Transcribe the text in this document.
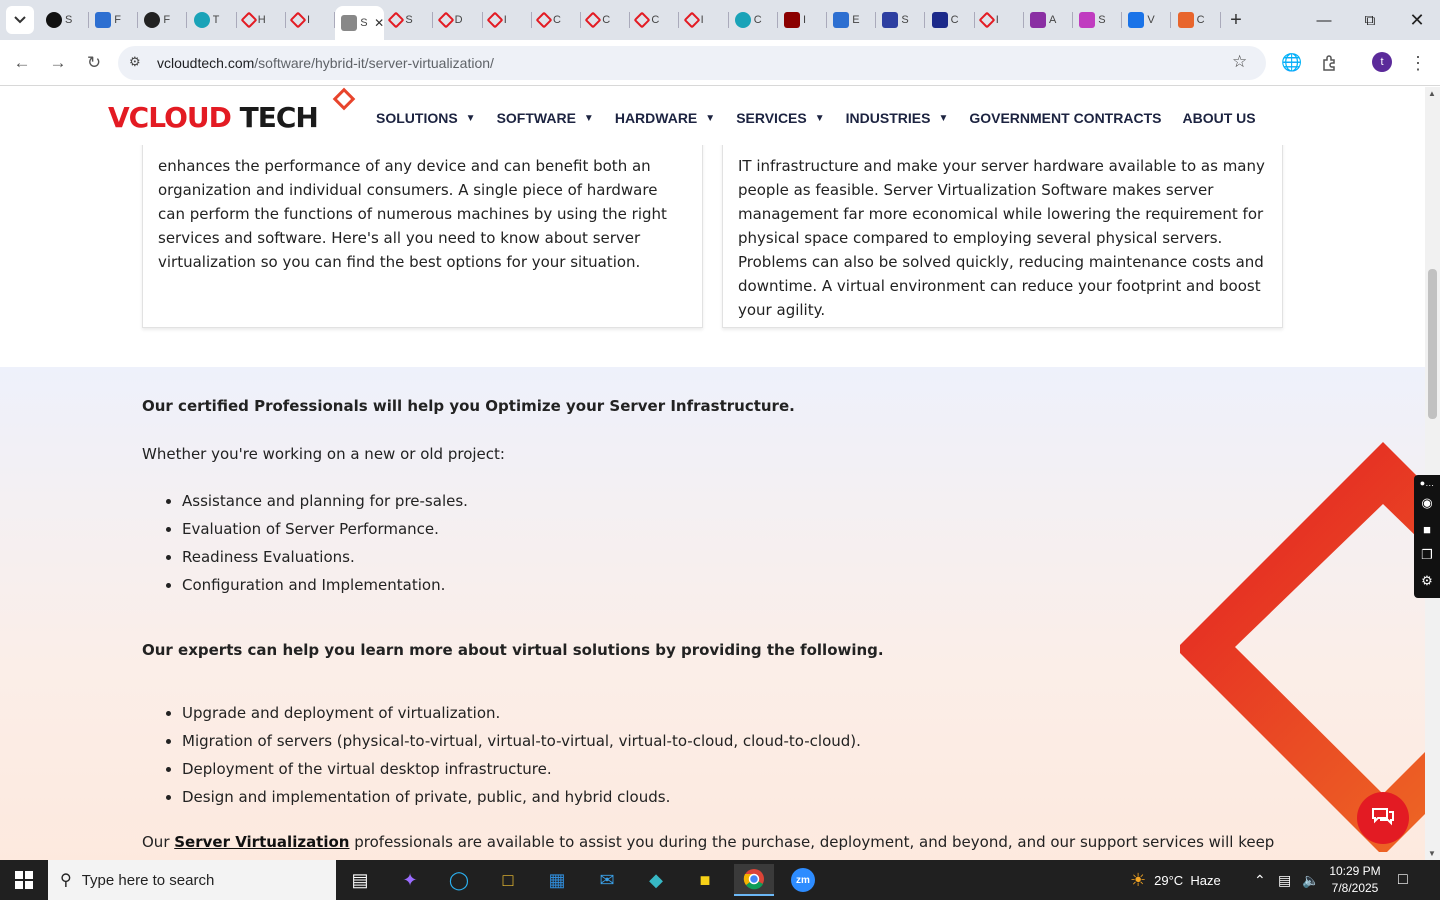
S	F	F	T	H	I	S ✕ S	D	I	C	C	C	I	C	I	E	S	C	I	A	S	V	C	+	—	⧉	✕
←	→	↻	⚙ vcloudtech.com/software/hybrid-it/server-virtualization/	☆ 🌐	⋮
t
VCLOUD TECH	SOLUTIONS ▼ SOFTWARE ▼ HARDWARE ▼ SERVICES ▼ INDUSTRIES ▼ GOVERNMENT CONTRACTS ABOUT US

enhances the performance of any device and can benefit both an organization and individual consumers. A single piece of hardware can perform the functions of numerous machines by using the right services and software. Here's all you need to know about server virtualization so you can find the best options for your situation.

IT infrastructure and make your server hardware available to as many people as feasible. Server Virtualization Software makes server management far more economical while lowering the requirement for physical space compared to employing several physical servers. Problems can also be solved quickly, reducing maintenance costs and downtime. A virtual environment can reduce your footprint and boost your agility.

Our certified Professionals will help you Optimize your Server Infrastructure.

Whether you're working on a new or old project:

• Assistance and planning for pre-sales.
• Evaluation of Server Performance.
• Readiness Evaluations.
• Configuration and Implementation.

Our experts can help you learn more about virtual solutions by providing the following.

• Upgrade and deployment of virtualization.
• Migration of servers (physical-to-virtual, virtual-to-virtual, virtual-to-cloud, cloud-to-cloud).
• Deployment of the virtual desktop infrastructure.
• Design and implementation of private, public, and hybrid clouds.

Our Server Virtualization professionals are available to assist you during the purchase, deployment, and beyond, and our support services will keep

●…
◉
■
❐
⚙
▲
▼
⚲ Type here to search	▤	✦	◯	□	▦	✉	◆	■	zm	☀ 29°C  Haze ⌃ ▤ 🔈
10:29 PM
7/8/2025	□
